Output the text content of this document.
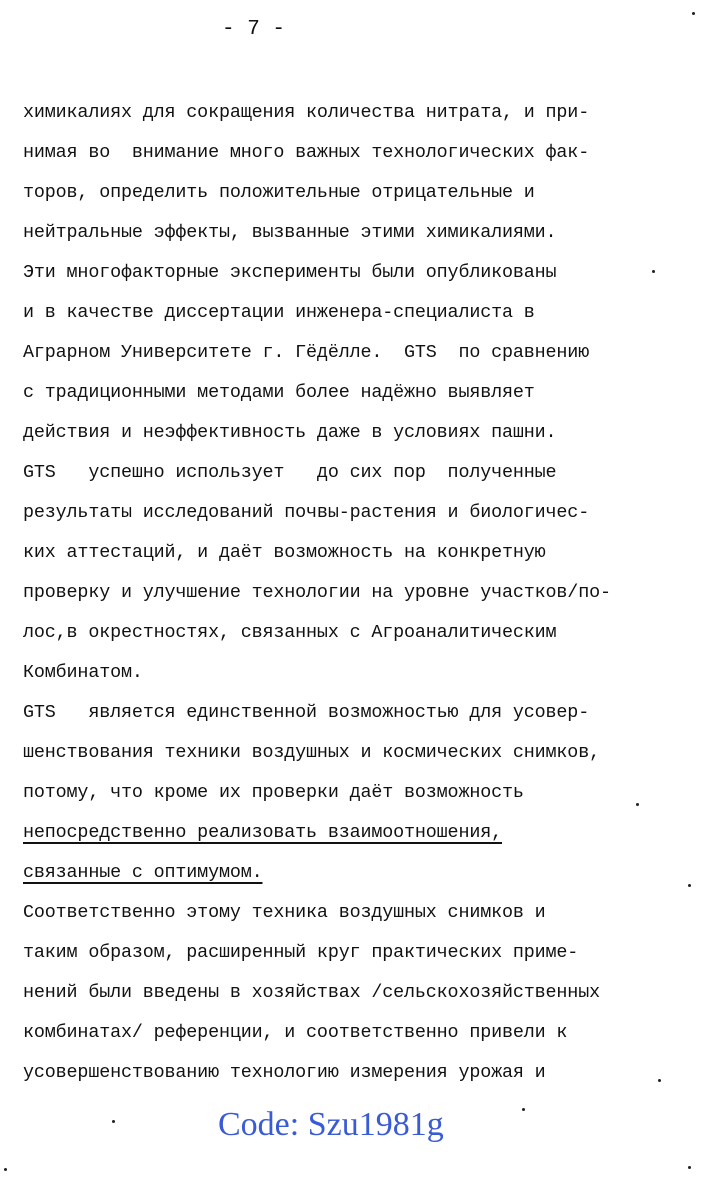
- 7 -
химикалиях для сокращения количества нитрата, и при-
нимая во  внимание много важных технологических фак-
торов, определить положительные отрицательные и
нейтральные эффекты, вызванные этими химикалиями.
Эти многофакторные эксперименты были опубликованы
и в качестве диссертации инженера-специалиста в
Аграрном Университете г. Гёдёлле.  GTS  по сравнению
с традиционными методами более надёжно выявляет
действия и неэффективность даже в условиях пашни.
GTS   успешно использует   до сих пор  полученные
результаты исследований почвы-растения и биологичес-
ких аттестаций, и даёт возможность на конкретную
проверку и улучшение технологии на уровне участков/по-
лос,в окрестностях, связанных с Агроаналитическим
Комбинатом.
GTS   является единственной возможностью для усовер-
шенствования техники воздушных и космических снимков,
потому, что кроме их проверки даёт возможность
непосредственно реализовать взаимоотношения,
связанные с оптимумом.
Соответственно этому техника воздушных снимков и
таким образом, расширенный круг практических приме-
нений были введены в хозяйствах /сельскохозяйственных
комбинатах/ референции, и соответственно привели к
усовершенствованию технологию измерения урожая и
Code: Szu1981g
